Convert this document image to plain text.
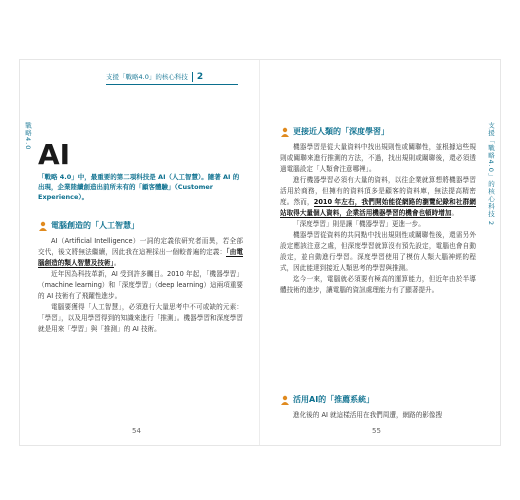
支援「戰略4.0」的核心科技 2
戰略4.0
AI
「戰略 4.0」中，最重要的第二項科技是 AI（人工智慧）。隨著 AI 的出現，企業陸續創造出前所未有的「顧客體驗」（Customer Experience）。
電腦創造的「人工智慧」

AI（Artificial Intelligence）一詞的定義依研究者而異，若全部交代，後文將無法繼續，因此我在這裡採出一個較普遍的定義：「由電腦創造的類人智慧及技術」。

近年因為科技革新，AI 受到許多矚目。2010 年起，「機器學習」（machine learning）和「深度學習」（deep learning）這兩項重要的 AI 技術有了飛躍性進步。

電腦要獲得「人工智慧」，必須進行大量思考中不可或缺的元素：「學習」，以及用學習得到的知識來進行「推測」。機器學習和深度學習就是用來「學習」與「推測」的 AI 技術。

54
支援「戰略4.0」的核心科技 2
更接近人類的「深度學習」

機器學習是從大量資料中找出規則性或關聯性，並根據這些規則或關聯來進行推測的方法，不過，找出規則或關聯後，還必須透過電腦設定「人類會注意哪裡」。

進行機器學習必須有大量的資料，以往企業就算想將機器學習活用於商務，但擁有的資料頂多是顧客的資料庫，無法提高精密度。然而，2010 年左右，我們開始能從網路的瀏覽紀錄和社群網站取得大量個人資料，企業活用機器學習的機會也頓時增加。

「深度學習」則是讓「機器學習」更進一步。

機器學習從資料的共同點中找出規則性或關聯性後，還需另外設定應該注意之處，但深度學習就算沒有預先設定，電腦也會自動設定，並自動進行學習。深度學習使用了模仿人類大腦神經的程式，因此能達到接近人類思考的學習與推測。

迄今一來，電腦就必須要有極高的運算能力，但近年由於半導體技術的進步，讓電腦的資訊處理能力有了顯著提升。

活用AI的「推薦系統」

進化後的 AI 就這樣活用在我們周遭，網路的影像搜

55
